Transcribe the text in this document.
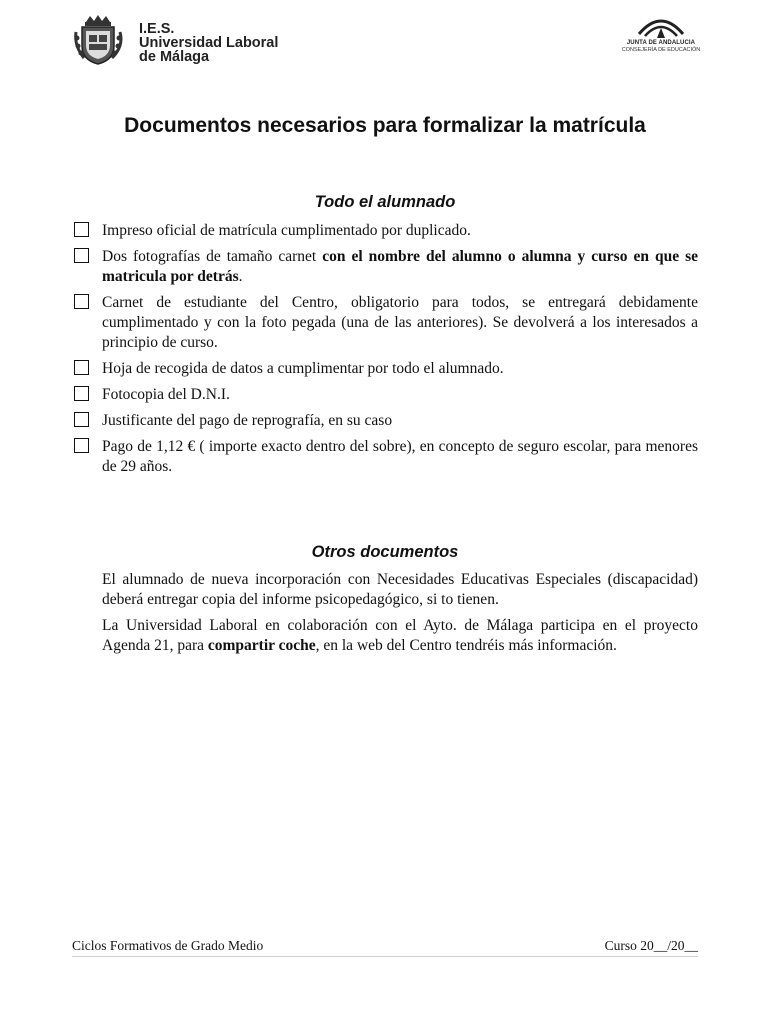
I.E.S.
Universidad Laboral
de Málaga
JUNTA DE ANDALUCIA
CONSEJERÍA DE EDUCACIÓN
Documentos necesarios para formalizar la matrícula
Todo el alumnado
Impreso oficial de matrícula cumplimentado por duplicado.
Dos fotografías de tamaño carnet con el nombre del alumno o alumna y curso en que se matricula por detrás.
Carnet de estudiante del Centro, obligatorio para todos, se entregará debidamente cumplimentado y con la foto pegada (una de las anteriores). Se devolverá a los interesados a principio de curso.
Hoja de recogida de datos a cumplimentar por todo el alumnado.
Fotocopia del D.N.I.
Justificante del pago de reprografía, en su caso
Pago de 1,12 € ( importe exacto dentro del sobre), en concepto de seguro escolar, para menores de 29 años.
Otros documentos

El alumnado de nueva incorporación con Necesidades Educativas Especiales (discapacidad) deberá entregar copia del informe psicopedagógico, si to tienen.

La Universidad Laboral en colaboración con el Ayto. de Málaga participa en el proyecto Agenda 21, para compartir coche, en la web del Centro tendréis más información.

Ciclos Formativos de Grado Medio	Curso 20__/20__
